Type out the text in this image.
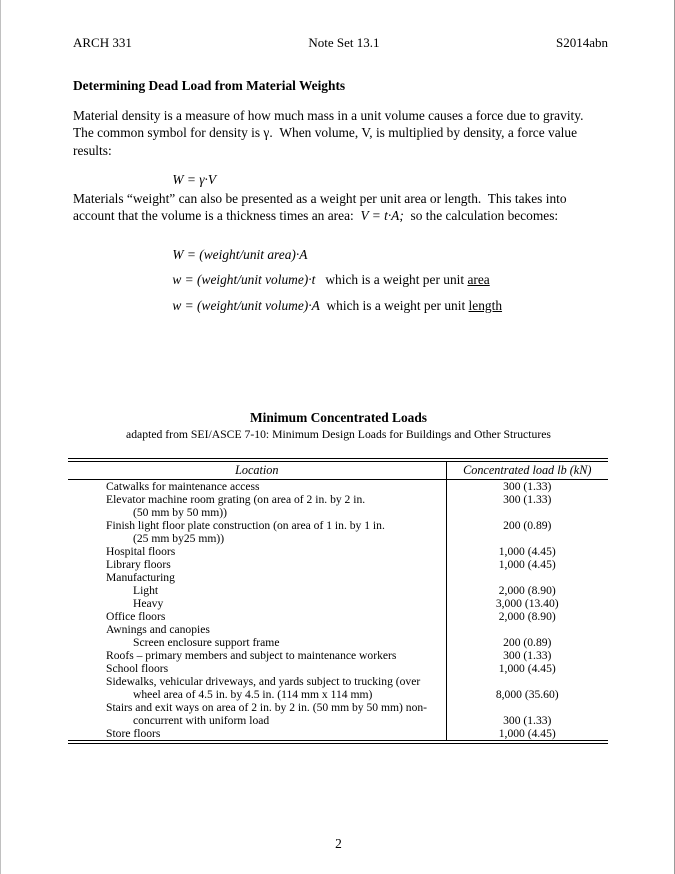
ARCH 331	Note Set 13.1	S2014abn
Determining Dead Load from Material Weights
Material density is a measure of how much mass in a unit volume causes a force due to gravity.
The common symbol for density is γ.  When volume, V, is multiplied by density, a force value
results:

W = γ·V

Materials “weight” can also be presented as a weight per unit area or length.  This takes into
account that the volume is a thickness times an area:  V = t·A;  so the calculation becomes:

W = (weight/unit area)·A

w = (weight/unit volume)·t   which is a weight per unit area

w = (weight/unit volume)·A  which is a weight per unit length

Minimum Concentrated Loads
adapted from SEI/ASCE 7-10: Minimum Design Loads for Buildings and Other Structures
Location	Concentrated load lb (kN)
Catwalks for maintenance access	300 (1.33)
Elevator machine room grating (on area of 2 in. by 2 in.	300 (1.33)
(50 mm by 50 mm))	
Finish light floor plate construction (on area of 1 in. by 1 in.	200 (0.89)
(25 mm by25 mm))	
Hospital floors	1,000 (4.45)
Library floors	1,000 (4.45)
Manufacturing	
Light	2,000 (8.90)
Heavy	3,000 (13.40)
Office floors	2,000 (8.90)
Awnings and canopies	
Screen enclosure support frame	200 (0.89)
Roofs – primary members and subject to maintenance workers	300 (1.33)
School floors	1,000 (4.45)
Sidewalks, vehicular driveways, and yards subject to trucking (over	
wheel area of 4.5 in. by 4.5 in. (114 mm x 114 mm)	8,000 (35.60)
Stairs and exit ways on area of 2 in. by 2 in. (50 mm by 50 mm) non-	
concurrent with uniform load	300 (1.33)
Store floors	1,000 (4.45)
2
